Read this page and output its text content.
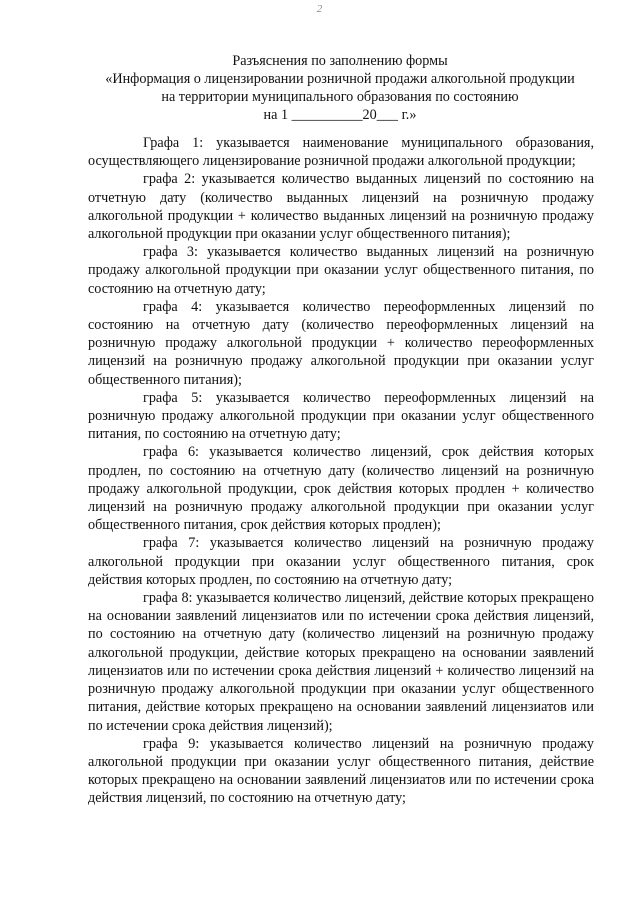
2
Разъяснения по заполнению формы
«Информация о лицензировании розничной продажи алкогольной продукции
на территории муниципального образования по состоянию
на 1 __________20___ г.»

Графа 1: указывается наименование муниципального образования, осуществляющего лицензирование розничной продажи алкогольной продукции;

графа 2: указывается количество выданных лицензий по состоянию на отчетную дату (количество выданных лицензий на розничную продажу алкогольной продукции + количество выданных лицензий на розничную продажу алкогольной продукции при оказании услуг общественного питания);

графа 3: указывается количество выданных лицензий на розничную продажу алкогольной продукции при оказании услуг общественного питания, по состоянию на отчетную дату;

графа 4: указывается количество переоформленных лицензий по состоянию на отчетную дату (количество переоформленных лицензий на розничную продажу алкогольной продукции + количество переоформленных лицензий на розничную продажу алкогольной продукции при оказании услуг общественного питания);

графа 5: указывается количество переоформленных лицензий на розничную продажу алкогольной продукции при оказании услуг общественного питания, по состоянию на отчетную дату;

графа 6: указывается количество лицензий, срок действия которых продлен, по состоянию на отчетную дату (количество лицензий на розничную продажу алкогольной продукции, срок действия которых продлен + количество лицензий на розничную продажу алкогольной продукции при оказании услуг общественного питания, срок действия которых продлен);

графа 7: указывается количество лицензий на розничную продажу алкогольной продукции при оказании услуг общественного питания, срок действия которых продлен, по состоянию на отчетную дату;

графа 8: указывается количество лицензий, действие которых прекращено на основании заявлений лицензиатов или по истечении срока действия лицензий, по состоянию на отчетную дату (количество лицензий на розничную продажу алкогольной продукции, действие которых прекращено на основании заявлений лицензиатов или по истечении срока действия лицензий + количество лицензий на розничную продажу алкогольной продукции при оказании услуг общественного питания, действие которых прекращено на основании заявлений лицензиатов или по истечении срока действия лицензий);

графа 9: указывается количество лицензий на розничную продажу алкогольной продукции при оказании услуг общественного питания, действие которых прекращено на основании заявлений лицензиатов или по истечении срока действия лицензий, по состоянию на отчетную дату;
